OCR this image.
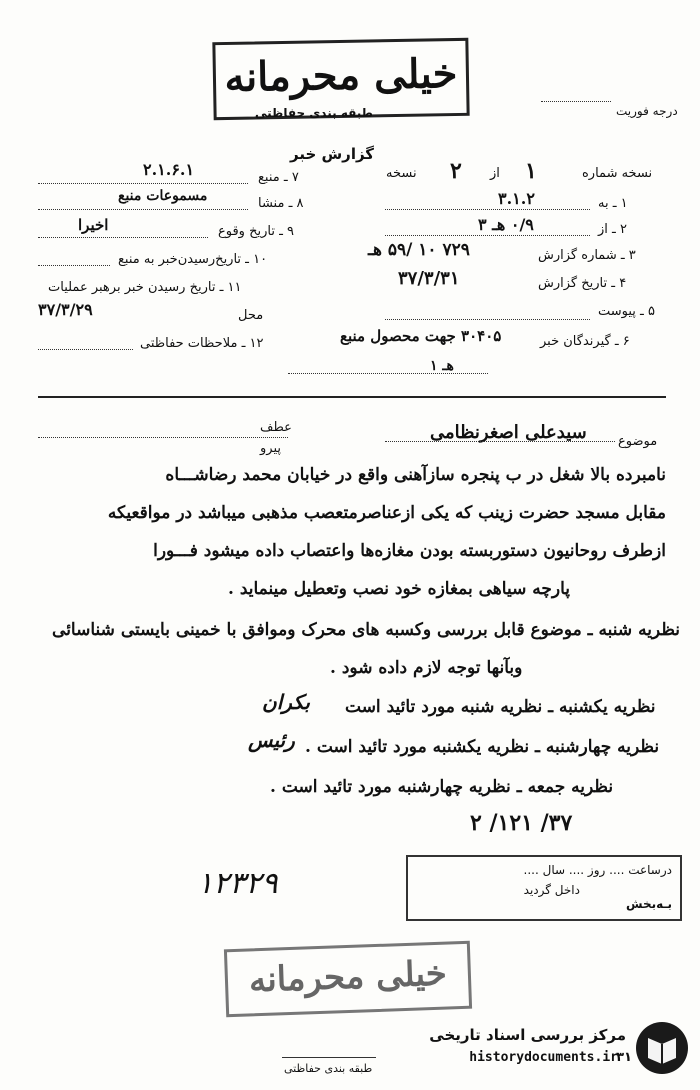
خیلی محرمانه
طبقه بندی حفاظتی	درجه فوریت
گزارش خبر
نسخه شماره
۱
از
۲
نسخه
۱ ـ به
۳.۱.۲
۲ ـ از
۰/۹ هـ ۳
۳ ـ شماره گزارش
۷۲۹ ۱۰ /۵۹ هـ
۴ ـ تاریخ گزارش
۳۷/۳/۳۱
۵ ـ پیوست
۶ ـ گیرندگان خبر
۳۰۴۰۵ جهت محصول منبع
۷ ـ منبع
۲.۱.۶.۱
۸ ـ منشا
مسموعات منبع
۹ ـ تاریخ وقوع
اخیرا
۱۰ ـ تاریخ‌رسیدن‌خبر به منبع
۱۱ ـ تاریخ رسیدن خبر برهبر عملیات
محل
۳۷/۳/۲۹
۱۲ ـ ملاحظات حفاظتی
هـ ۱
عطف
پیرو	موضوع
سیدعلی اصغرنظامی
نامبرده بالا شغل در ب پنجره سازآهنی واقع در خیابان محمد رضاشـــاه
مقابل مسجد حضرت زینب که یکی ازعناصرمتعصب مذهبی میباشد در مواقعیکه
ازطرف روحانیون دستوربسته بودن مغازه‌ها واعتصاب داده میشود فـــورا
پارچه سیاهی بمغازه خود نصب وتعطیل مینماید .
نظریه شنبه ـ موضوع قابل بررسی وکسبه های محرک وموافق با خمینی بایستی شناسائی
وبآنها توجه لازم داده شود .
نظریه یکشنبه ـ نظریه شنبه مورد تائید است
بکران
نظریه چهارشنبه ـ نظریه یکشنبه مورد تائید است .
رئیس
نظریه جمعه ـ نظریه چهارشنبه مورد تائید است .
۲ /۱۲۱ /۳۷
۱۲۳۲۹	درساعت .... روز .... سال ....
داخل گردید
بـه‌بخش
خیلی محرمانه
طبقه بندی حفاظتی
مرکز بررسی اسناد تاریخی
historydocuments.ir
۳۱
